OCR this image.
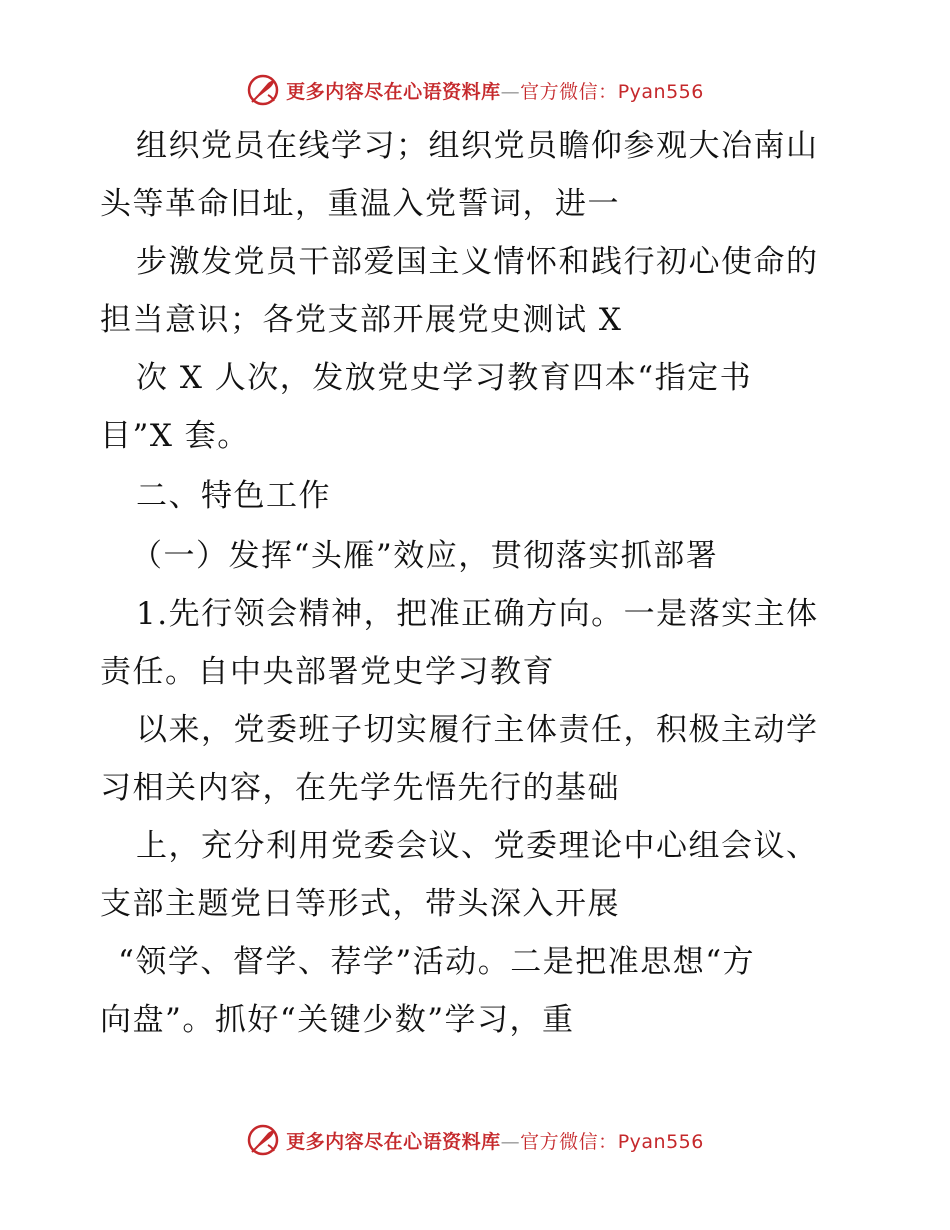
更多内容尽在心语资料库—官方微信：Pyan556
组织党员在线学习；组织党员瞻仰参观大冶南山
头等革命旧址，重温入党誓词，进一
步激发党员干部爱国主义情怀和践行初心使命的
担当意识；各党支部开展党史测试 X
次 X 人次，发放党史学习教育四本“指定书
目”X 套。
二、特色工作
（一）发挥“头雁”效应，贯彻落实抓部署
1.先行领会精神，把准正确方向。一是落实主体
责任。自中央部署党史学习教育
以来，党委班子切实履行主体责任，积极主动学
习相关内容，在先学先悟先行的基础
上，充分利用党委会议、党委理论中心组会议、
支部主题党日等形式，带头深入开展
“领学、督学、荐学”活动。二是把准思想“方
向盘”。抓好“关键少数”学习，重
更多内容尽在心语资料库—官方微信：Pyan556
